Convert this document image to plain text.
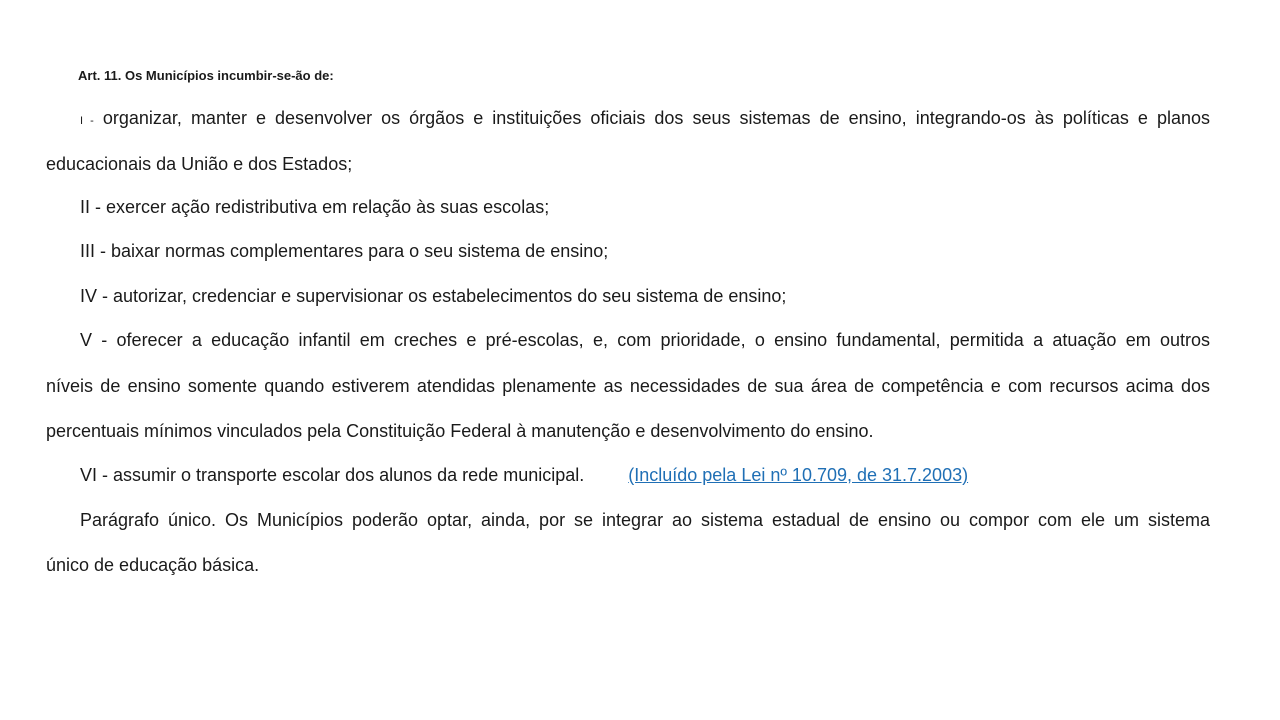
Art. 11. Os Municípios incumbir-se-ão de:

I - organizar, manter e desenvolver os órgãos e instituições oficiais dos seus sistemas de ensino, integrando-os às políticas e planos

educacionais da União e dos Estados;

II - exercer ação redistributiva em relação às suas escolas;

III - baixar normas complementares para o seu sistema de ensino;

IV - autorizar, credenciar e supervisionar os estabelecimentos do seu sistema de ensino;

V - oferecer a educação infantil em creches e pré-escolas, e, com prioridade, o ensino fundamental, permitida a atuação em outros

níveis de ensino somente quando estiverem atendidas plenamente as necessidades de sua área de competência e com recursos acima dos

percentuais mínimos vinculados pela Constituição Federal à manutenção e desenvolvimento do ensino.

VI - assumir o transporte escolar dos alunos da rede municipal. (Incluído pela Lei nº 10.709, de 31.7.2003)

Parágrafo único. Os Municípios poderão optar, ainda, por se integrar ao sistema estadual de ensino ou compor com ele um sistema

único de educação básica.
